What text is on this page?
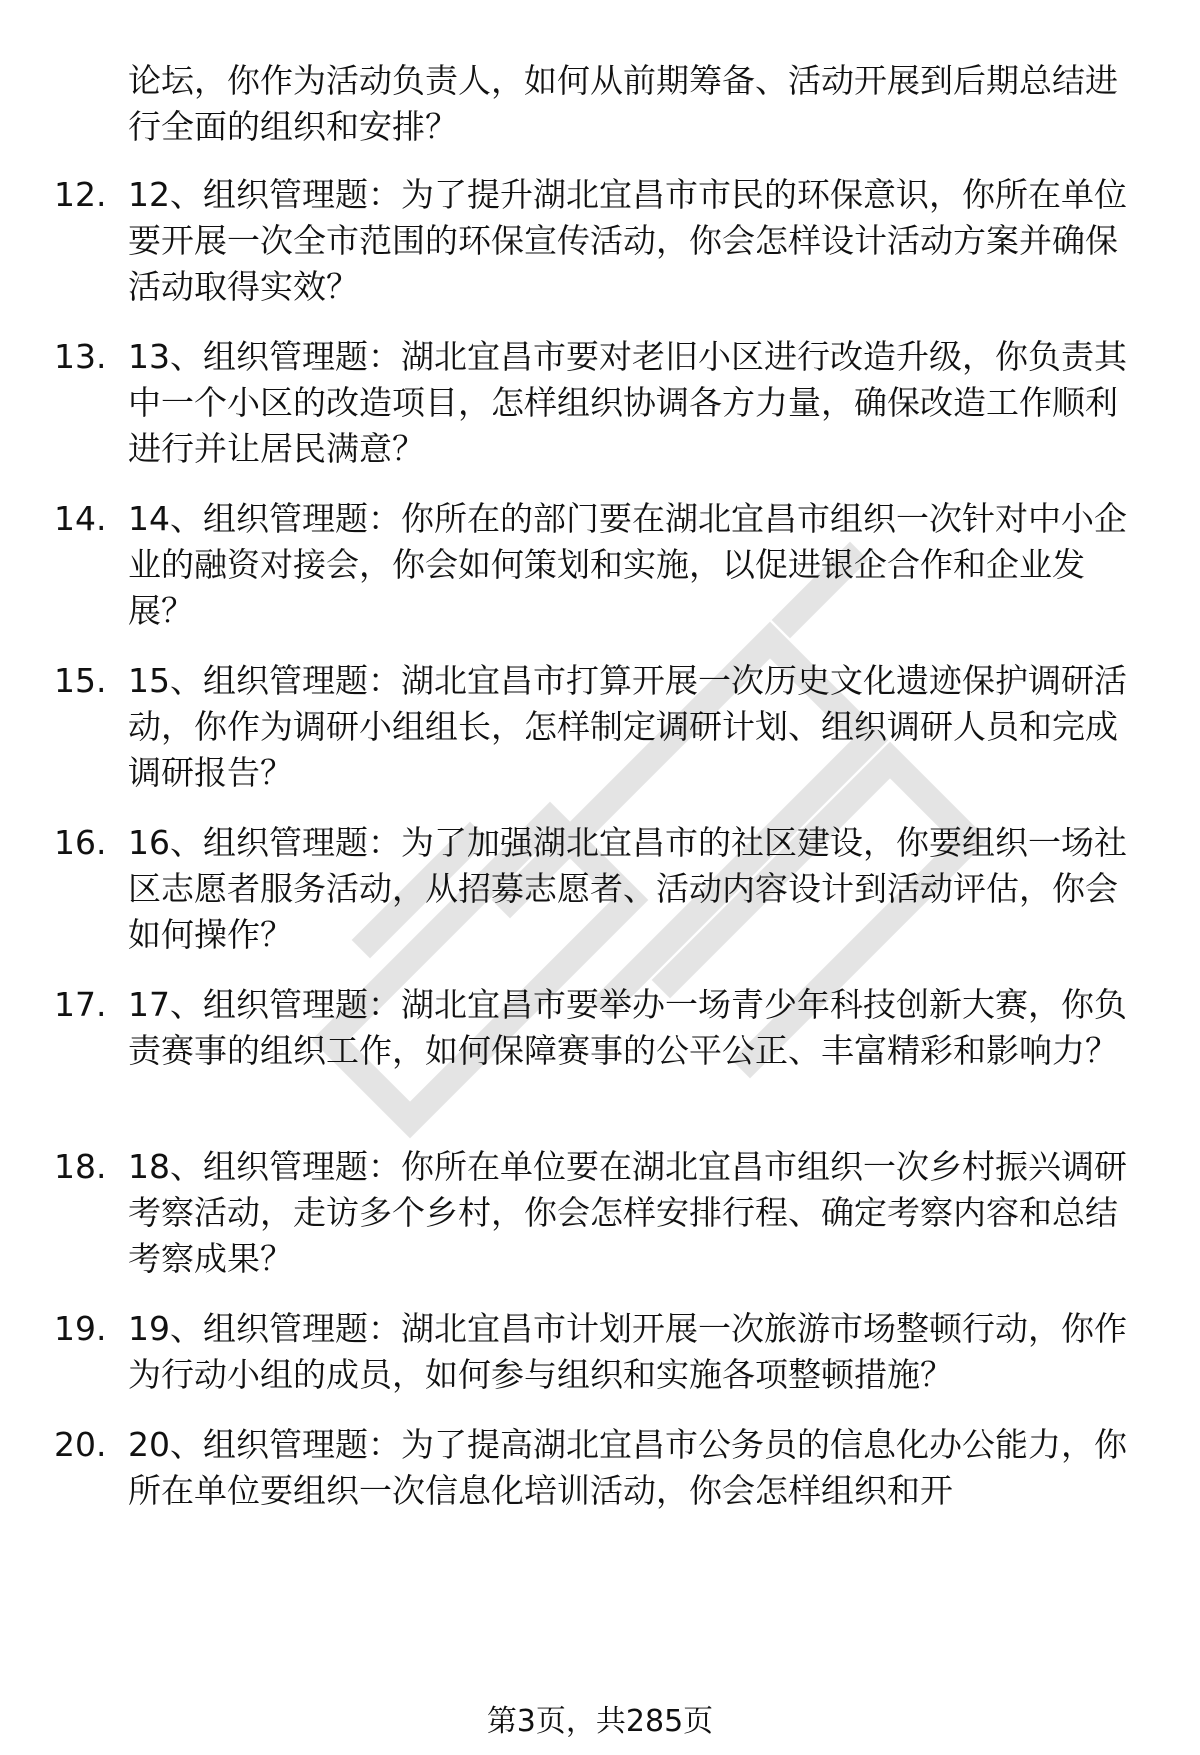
论坛，你作为活动负责人，如何从前期筹备、活动开展到后期总结进行全面的组织和安排？

12. 12、组织管理题：为了提升湖北宜昌市市民的环保意识，你所在单位要开展一次全市范围的环保宣传活动，你会怎样设计活动方案并确保活动取得实效？

13. 13、组织管理题：湖北宜昌市要对老旧小区进行改造升级，你负责其中一个小区的改造项目，怎样组织协调各方力量，确保改造工作顺利进行并让居民满意？

14. 14、组织管理题：你所在的部门要在湖北宜昌市组织一次针对中小企业的融资对接会，你会如何策划和实施，以促进银企合作和企业发展？

15. 15、组织管理题：湖北宜昌市打算开展一次历史文化遗迹保护调研活动，你作为调研小组组长，怎样制定调研计划、组织调研人员和完成调研报告？

16. 16、组织管理题：为了加强湖北宜昌市的社区建设，你要组织一场社区志愿者服务活动，从招募志愿者、活动内容设计到活动评估，你会如何操作？

17. 17、组织管理题：湖北宜昌市要举办一场青少年科技创新大赛，你负责赛事的组织工作，如何保障赛事的公平公正、丰富精彩和影响力？

18. 18、组织管理题：你所在单位要在湖北宜昌市组织一次乡村振兴调研考察活动，走访多个乡村，你会怎样安排行程、确定考察内容和总结考察成果？

19. 19、组织管理题：湖北宜昌市计划开展一次旅游市场整顿行动，你作为行动小组的成员，如何参与组织和实施各项整顿措施？

20. 20、组织管理题：为了提高湖北宜昌市公务员的信息化办公能力，你所在单位要组织一次信息化培训活动，你会怎样组织和开

第3页，共285页
